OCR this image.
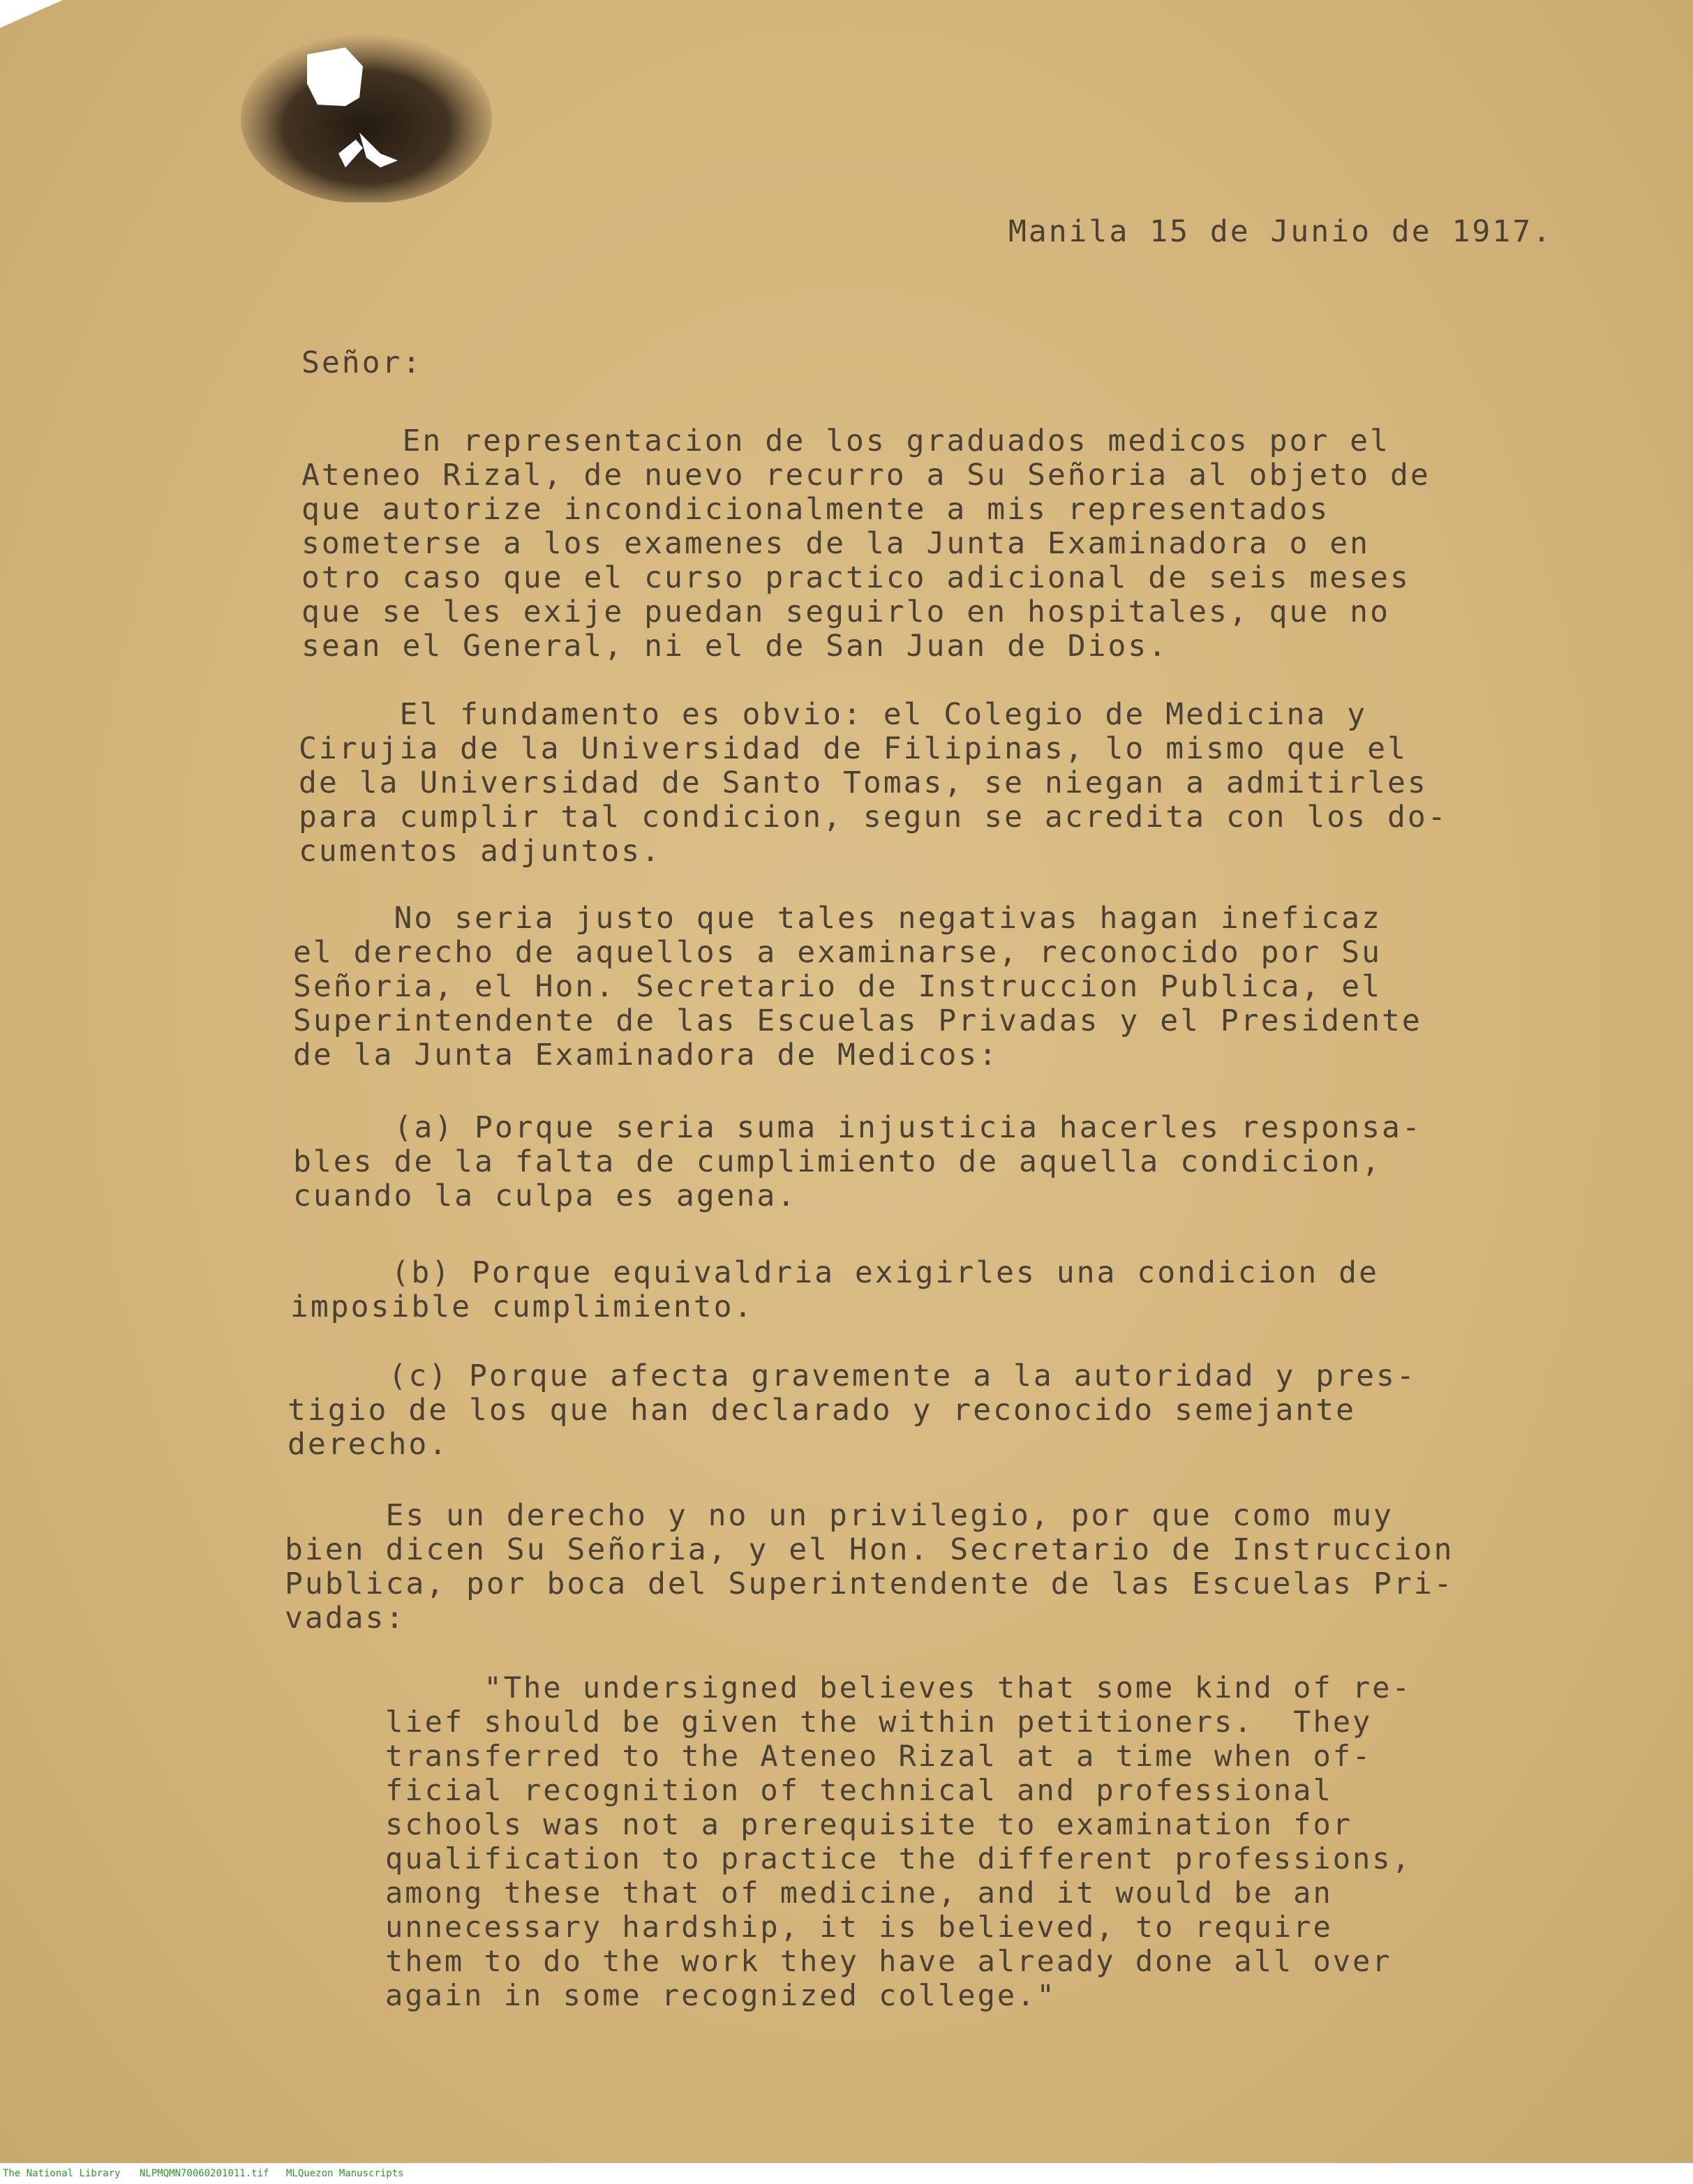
Manila 15 de Junio de 1917.
Señor:
En representacion de los graduados medicos por el
Ateneo Rizal, de nuevo recurro a Su Señoria al objeto de
que autorize incondicionalmente a mis representados
someterse a los examenes de la Junta Examinadora o en
otro caso que el curso practico adicional de seis meses
que se les exije puedan seguirlo en hospitales, que no
sean el General, ni el de San Juan de Dios.
El fundamento es obvio: el Colegio de Medicina y
Cirujia de la Universidad de Filipinas, lo mismo que el
de la Universidad de Santo Tomas, se niegan a admitirles
para cumplir tal condicion, segun se acredita con los do-
cumentos adjuntos.
No seria justo que tales negativas hagan ineficaz
el derecho de aquellos a examinarse, reconocido por Su
Señoria, el Hon. Secretario de Instruccion Publica, el
Superintendente de las Escuelas Privadas y el Presidente
de la Junta Examinadora de Medicos:
(a) Porque seria suma injusticia hacerles responsa-
bles de la falta de cumplimiento de aquella condicion,
cuando la culpa es agena.
(b) Porque equivaldria exigirles una condicion de
imposible cumplimiento.
(c) Porque afecta gravemente a la autoridad y pres-
tigio de los que han declarado y reconocido semejante
derecho.
Es un derecho y no un privilegio, por que como muy
bien dicen Su Señoria, y el Hon. Secretario de Instruccion
Publica, por boca del Superintendente de las Escuelas Pri-
vadas:
"The undersigned believes that some kind of re-
lief should be given the within petitioners.  They
transferred to the Ateneo Rizal at a time when of-
ficial recognition of technical and professional
schools was not a prerequisite to examination for
qualification to practice the different professions,
among these that of medicine, and it would be an
unnecessary hardship, it is believed, to require
them to do the work they have already done all over
again in some recognized college."
The National Library NLPMQMN70060201011.tif MLQuezon Manuscripts
